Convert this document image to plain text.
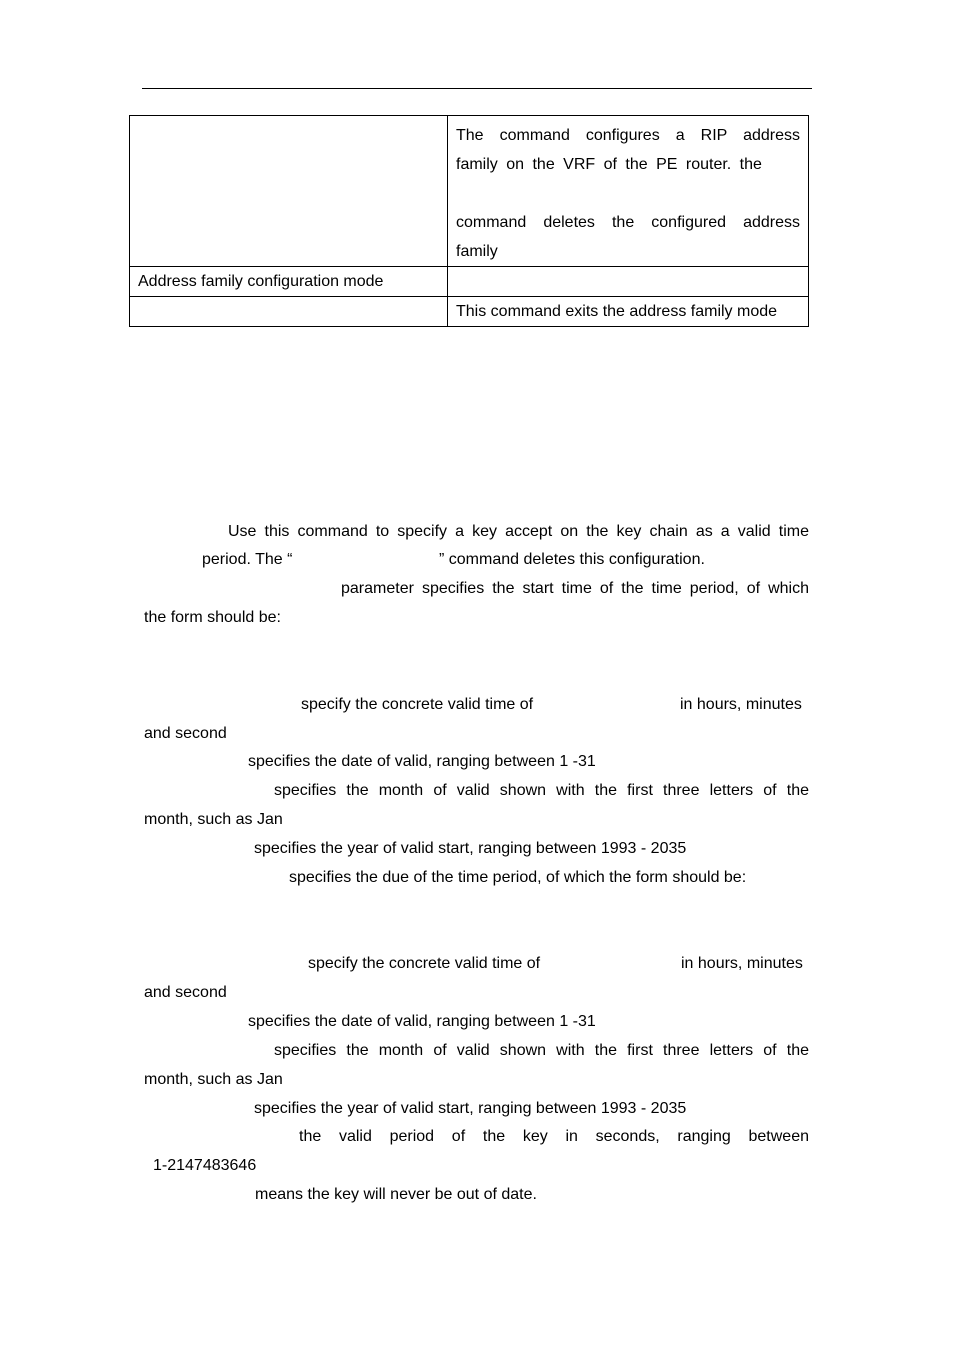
	The command configures a RIP address
family on the VRF of the PE router. the
command deletes the configured address
family

Address family configuration mode	
	This command exits the address family mode
Use this command to specify a key accept on the key chain as a valid time
period. The “	” command deletes this configuration.
parameter specifies the start time of the time period, of which
the form should be:
specify the concrete valid time of	in hours, minutes
and second
specifies the date of valid, ranging between 1 -31
specifies the month of valid shown with the first three letters of the
month, such as Jan
specifies the year of valid start, ranging between 1993 - 2035
specifies the due of the time period, of which the form should be:
specify the concrete valid time of	in hours, minutes
and second
specifies the date of valid, ranging between 1 -31
specifies the month of valid shown with the first three letters of the
month, such as Jan
specifies the year of valid start, ranging between 1993 - 2035
the valid period of the key in seconds, ranging between
1-2147483646
means the key will never be out of date.
